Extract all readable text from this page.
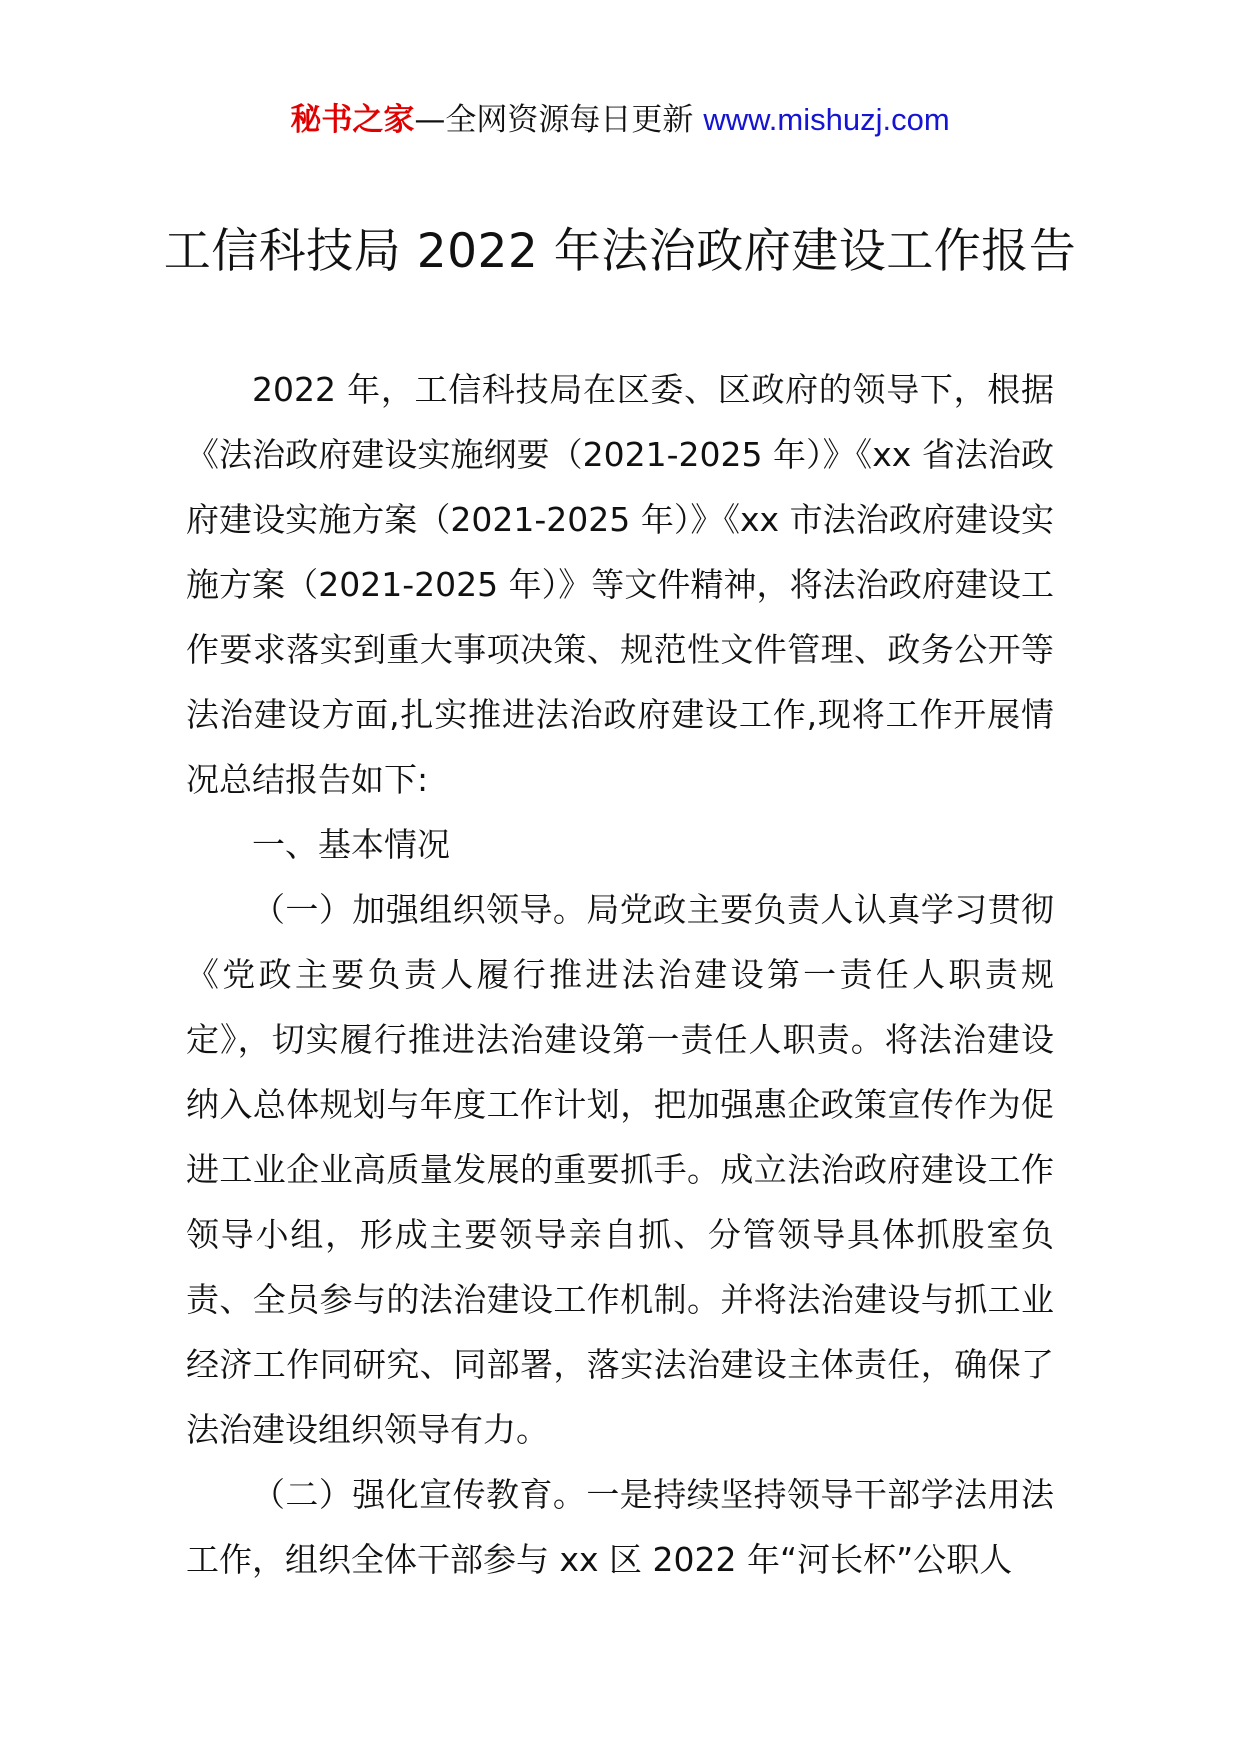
秘书之家—全网资源每日更新 www.mishuzj.com
工信科技局 2022 年法治政府建设工作报告

2022 年，工信科技局在区委、区政府的领导下，根据《法治政府建设实施纲要（2021-2025 年）》《xx 省法治政府建设实施方案（2021-2025 年）》《xx 市法治政府建设实施方案（2021-2025 年）》等文件精神，将法治政府建设工作要求落实到重大事项决策、规范性文件管理、政务公开等法治建设方面,扎实推进法治政府建设工作,现将工作开展情况总结报告如下:

一、基本情况

（一）加强组织领导。局党政主要负责人认真学习贯彻《党政主要负责人履行推进法治建设第一责任人职责规定》，切实履行推进法治建设第一责任人职责。将法治建设纳入总体规划与年度工作计划，把加强惠企政策宣传作为促进工业企业高质量发展的重要抓手。成立法治政府建设工作领导小组，形成主要领导亲自抓、分管领导具体抓股室负责、全员参与的法治建设工作机制。并将法治建设与抓工业经济工作同研究、同部署，落实法治建设主体责任，确保了法治建设组织领导有力。

（二）强化宣传教育。一是持续坚持领导干部学法用法工作，组织全体干部参与 xx 区 2022 年“河长杯”公职人
